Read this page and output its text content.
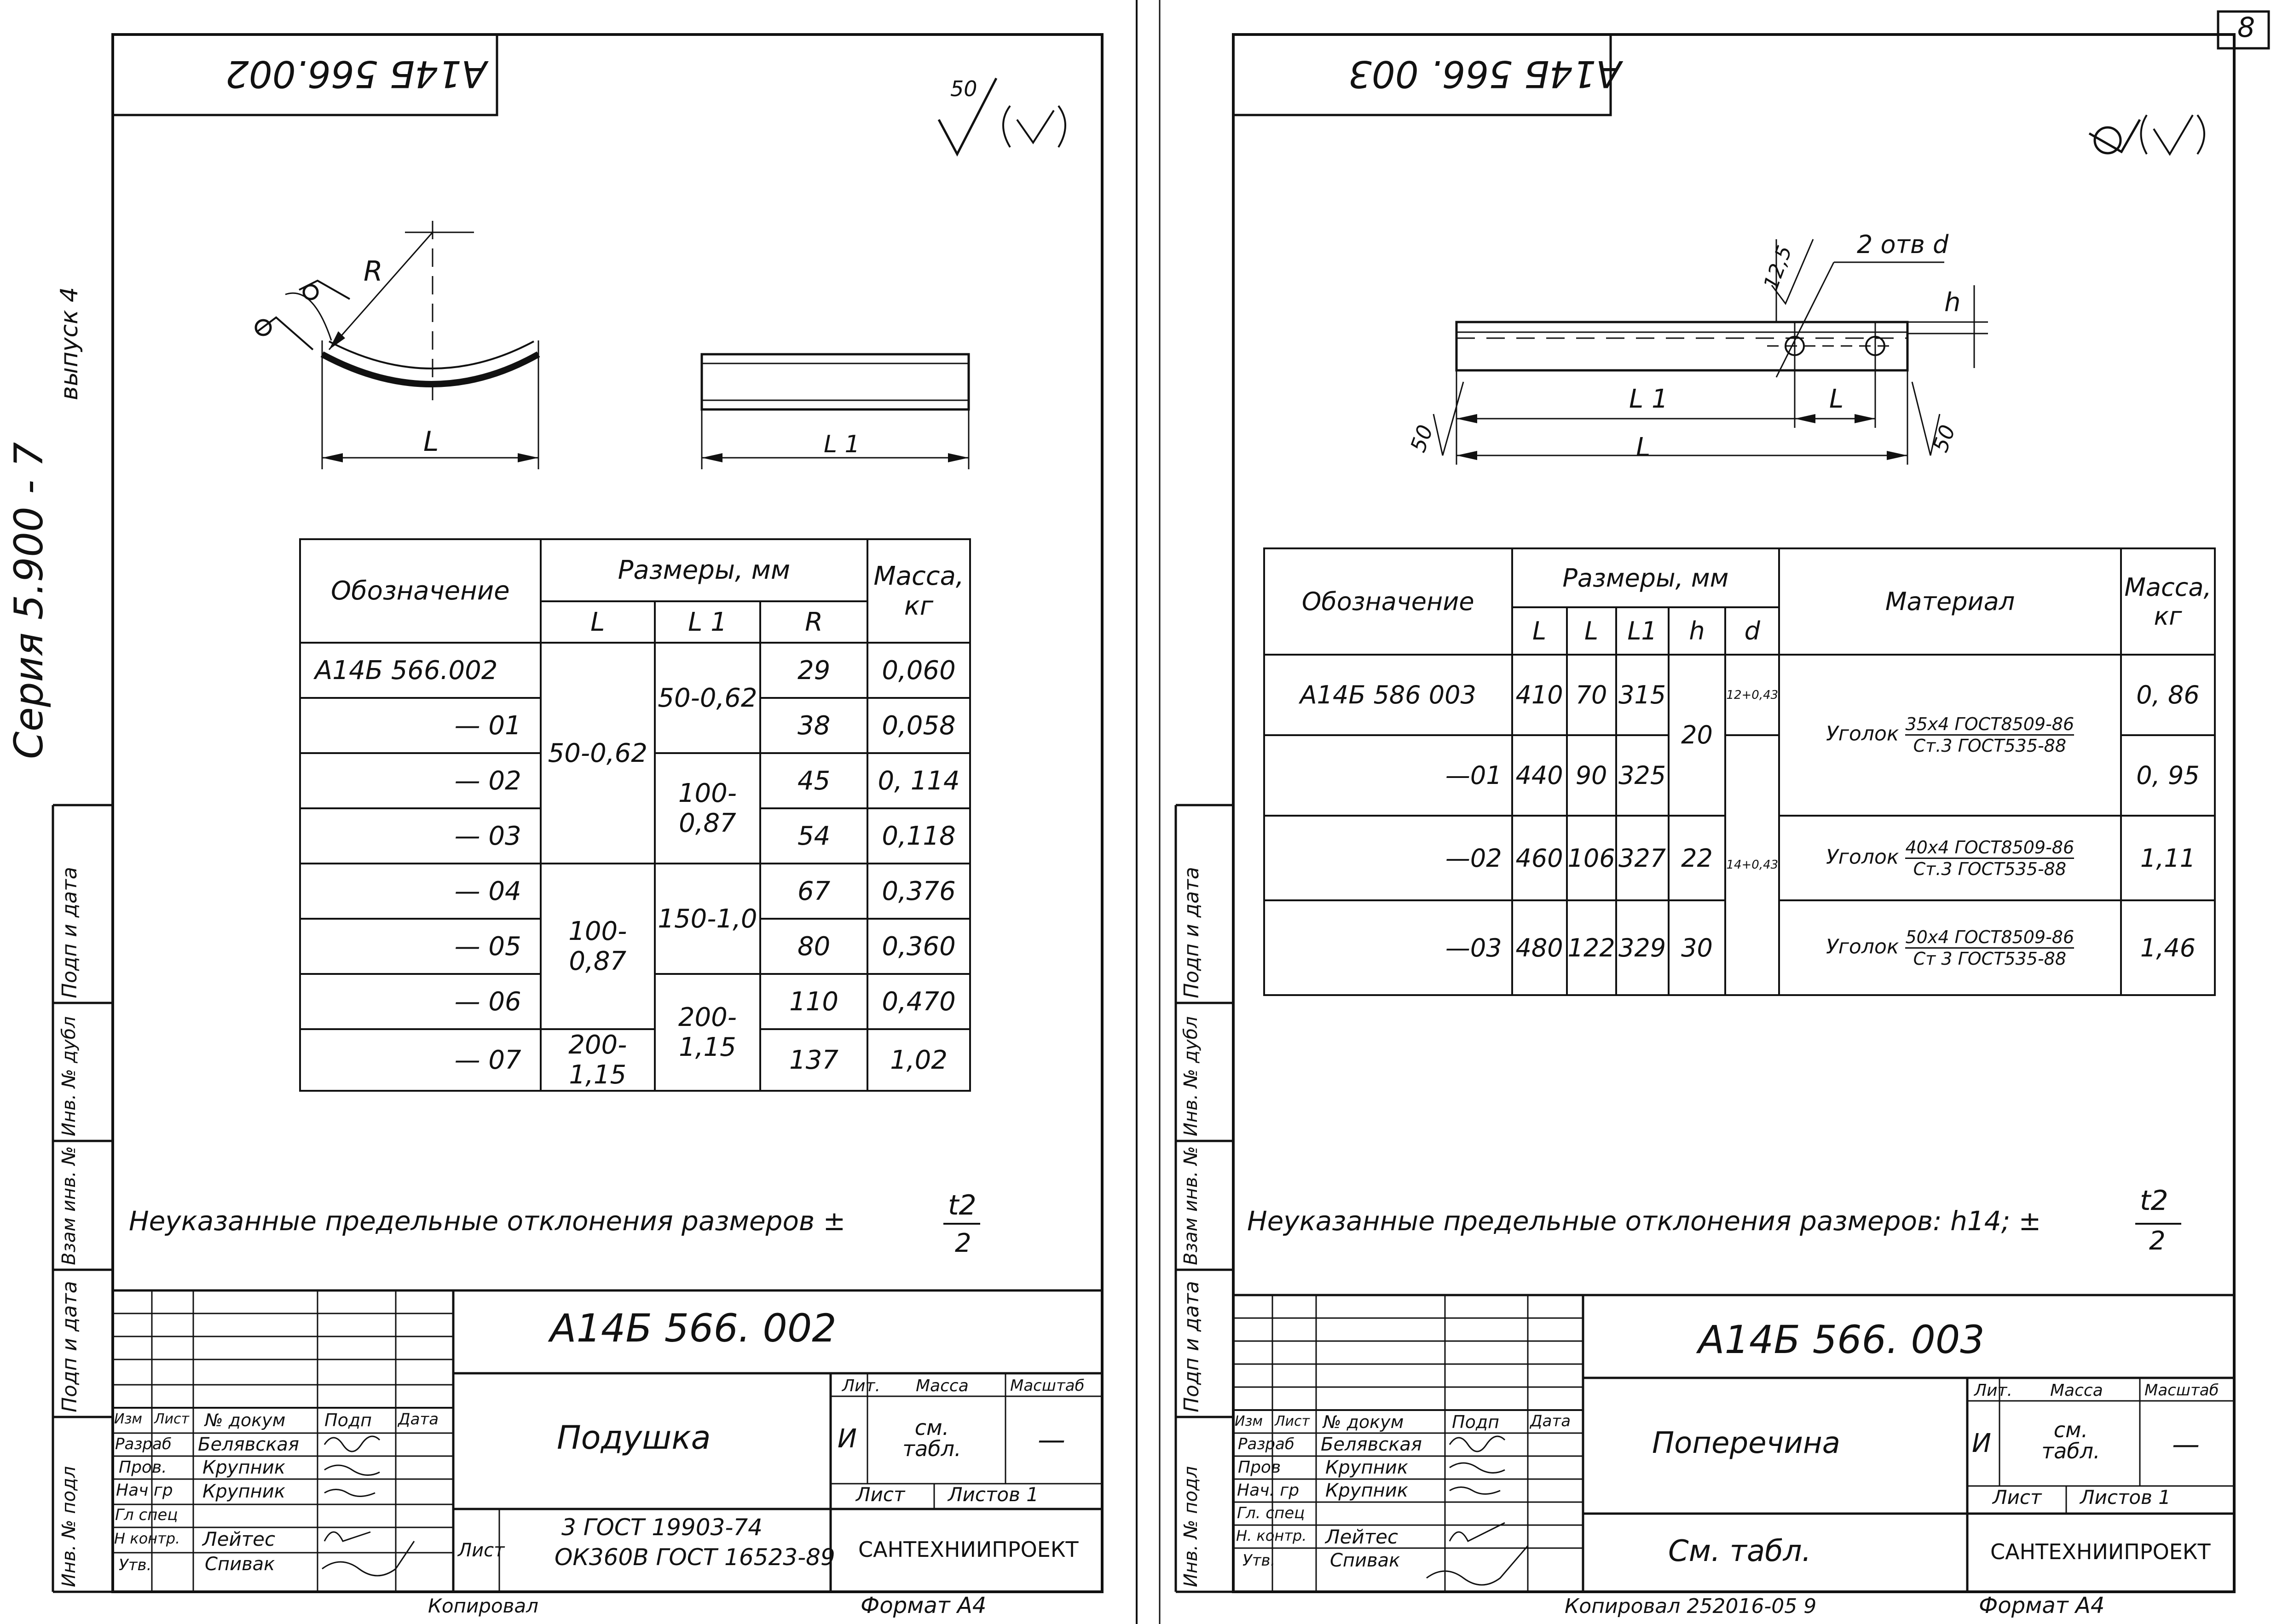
Серия 5.900 - 7
выпуск 4
Подп и дата
Инв. № дубл
Взам инв. №
Подп и дата
Инв. № подл
Подп и дата
Инв. № дубл
Взам инв. №
Подп и дата
Инв. № подл
8
А14Б 566.002	50
R
L	L 1
Обозначение	Размеры, мм			Масса, кг
	L	L 1	R	
А14Б 566.002	50-0,62	50-0,62	29	0,060
— 01			38	0,058
— 02		100-0,87	45	0, 114
— 03			54	0,118
— 04	100-0,87	150-1,0	67	0,376
— 05			80	0,360
— 06		200-1,15	110	0,470
— 07	200-1,15		137	1,02
Неуказанные предельные отклонения размеров ±	t2
2
А14Б 566. 002
Подушка
Лист
3 ГОСТ 19903-74
ОК360В ГОСТ 16523-89 САНТЕХНИИПРОЕКТ
Лит. Масса	Масштаб
И	см. табл.	—
Лист Листов 1
Изм Лист № докум Подп Дата
Разраб Белявская
Пров. Крупник
Нач гр Крупник
Гл спец
Н контр. Лейтес
Утв.	Спивак
Копировал	Формат А4
А14Б 566. 003
2 отв d
12,5
h
L 1	L
L
50	50
Обозначение	Размеры, мм					Материал	Масса, кг
	L	L	L1	h	d		
А14Б 586 003	410	70	315	20	12+0,43	Уголок 35x4 ГОСТ8509-86
Ст.3 ГОСТ535-88	0, 86
—01	440	90	325		14+0,43		0, 95
—02	460	106	327	22		Уголок 40x4 ГОСТ8509-86
Ст.3 ГОСТ535-88	1,11
—03	480	122	329	30		Уголок 50x4 ГОСТ8509-86
Ст 3 ГОСТ535-88	1,46
Неуказанные предельные отклонения размеров: h14; ±
t2
2
А14Б 566. 003
Поперечина
См. табл.	САНТЕХНИИПРОЕКТ
Лит. Масса	Масштаб
И	см. табл.	—
Лист Листов 1
Изм Лист № докум	Подп Дата
Разраб Белявская
Пров Крупник
Нач. гр Крупник
Гл. спец
Н. контр. Лейтес
Утв.	Спивак
Копировал 252016-05 9	Формат А4
√(√)	∀(√)
